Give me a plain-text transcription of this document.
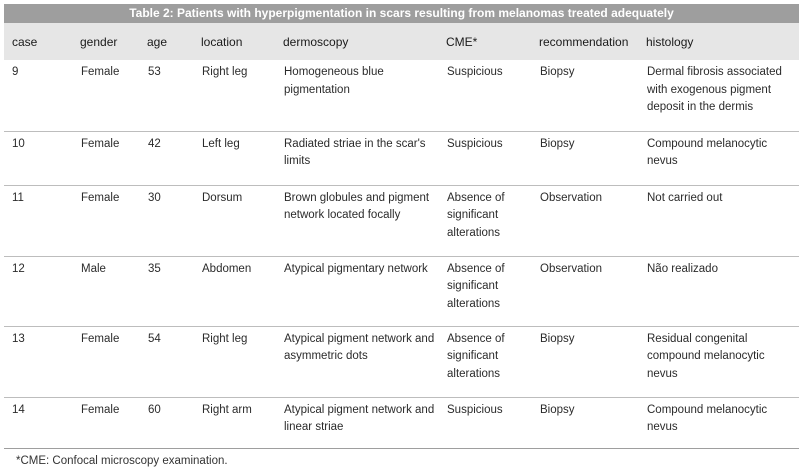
Table 2: Patients with hyperpigmentation in scars resulting from melanomas treated adequately
case	gender	age	location	dermoscopy	CME*	recommendation	histology
9	Female	53	Right leg	Homogeneous blue pigmentation	Suspicious	Biopsy	Dermal fibrosis associated with exogenous pigment deposit in the dermis
10	Female	42	Left leg	Radiated striae in the scar's limits	Suspicious	Biopsy	Compound melanocytic nevus
11	Female	30	Dorsum	Brown globules and pigment network located focally	Absence of significant alterations	Observation	Not carried out
12	Male	35	Abdomen	Atypical pigmentary network	Absence of significant alterations	Observation	Não realizado
13	Female	54	Right leg	Atypical pigment network and asymmetric dots	Absence of significant alterations	Biopsy	Residual congenital compound melanocytic nevus
14	Female	60	Right arm	Atypical pigment network and linear striae	Suspicious	Biopsy	Compound melanocytic nevus
*CME: Confocal microscopy examination.
